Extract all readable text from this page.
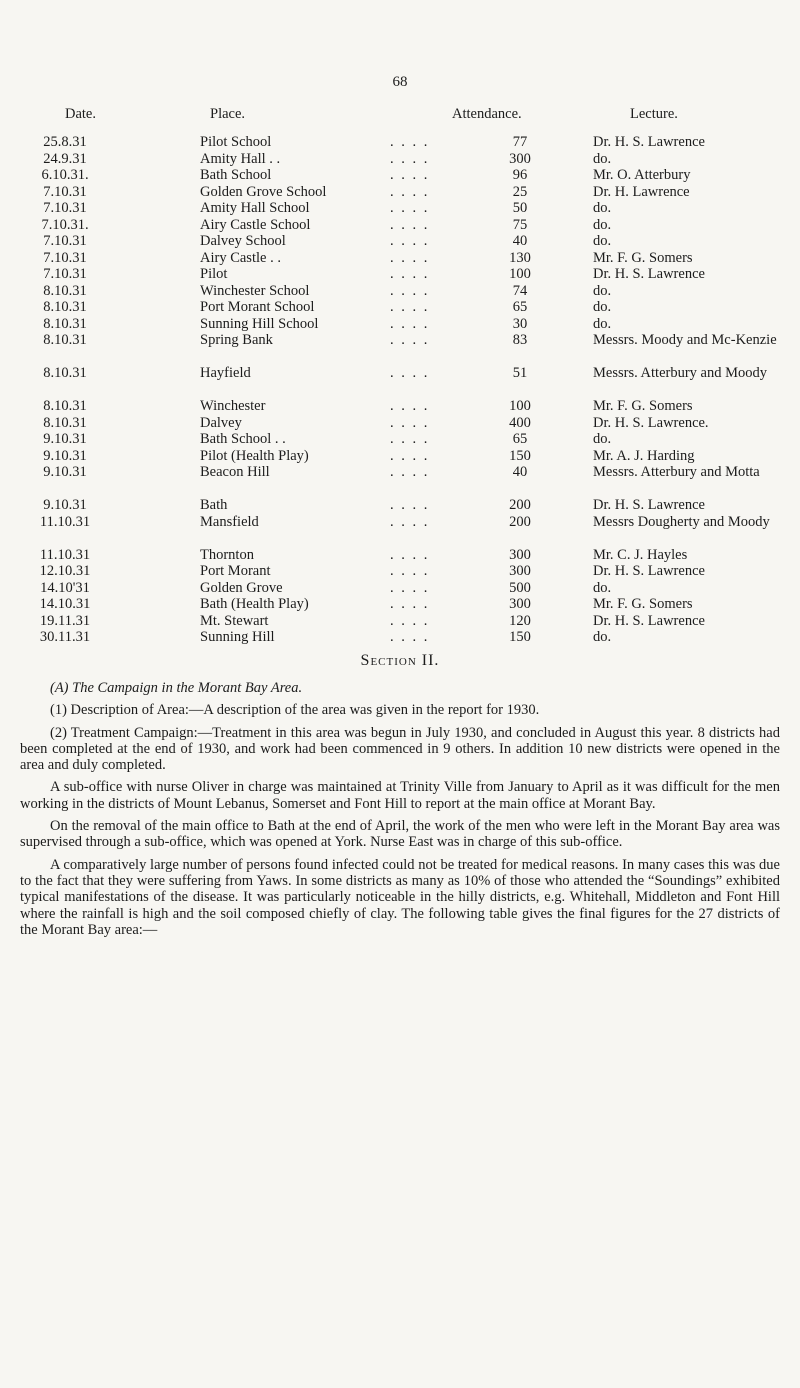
68
Date.	Place.	Attendance.	Lecture.
25.8.31	Pilot School	77	Dr. H. S. Lawrence
. . . .
24.9.31	Amity Hall . .	300	do.
. . . .
6.10.31.	Bath School	96	Mr. O. Atterbury
. . . .
7.10.31	Golden Grove School	25	Dr. H. Lawrence
. . . .
7.10.31	Amity Hall School	50	do.
. . . .
7.10.31.	Airy Castle School	75	do.
. . . .
7.10.31	Dalvey School	40	do.
. . . .
7.10.31	Airy Castle . .	130	Mr. F. G. Somers
. . . .
7.10.31	Pilot	100	Dr. H. S. Lawrence
. . . .
8.10.31	Winchester School	74	do.
. . . .
8.10.31	Port Morant School	65	do.
. . . .
8.10.31	Sunning Hill School	30	do.
. . . .
8.10.31	Spring Bank	83	Messrs. Moody and Mc-Kenzie
. . . .
8.10.31	Hayfield	51	Messrs. Atterbury and Moody
. . . .
8.10.31	Winchester	100	Mr. F. G. Somers
. . . .
8.10.31	Dalvey	400	Dr. H. S. Lawrence.
. . . .
9.10.31	Bath School . .	65	do.
. . . .
9.10.31	Pilot (Health Play)	150	Mr. A. J. Harding
. . . .
9.10.31	Beacon Hill	40	Messrs. Atterbury and Motta
. . . .
9.10.31	Bath	200	Dr. H. S. Lawrence
. . . .
11.10.31	Mansfield	200	Messrs Dougherty and Moody
. . . .
11.10.31	Thornton	300	Mr. C. J. Hayles
. . . .
12.10.31	Port Morant	300	Dr. H. S. Lawrence
. . . .
14.10'31	Golden Grove	500	do.
. . . .
14.10.31	Bath (Health Play)	300	Mr. F. G. Somers
. . . .
19.11.31	Mt. Stewart	120	Dr. H. S. Lawrence
. . . .
30.11.31	Sunning Hill	150	do.
. . . .
Section II.

(A) The Campaign in the Morant Bay Area.

(1) Description of Area:—A description of the area was given in the report for 1930.

(2) Treatment Campaign:—Treatment in this area was begun in July 1930, and concluded in August this year. 8 districts had been completed at the end of 1930, and work had been commenced in 9 others. In addition 10 new districts were opened in the area and duly completed.

A sub-office with nurse Oliver in charge was maintained at Trinity Ville from January to April as it was difficult for the men working in the districts of Mount Lebanus, Somerset and Font Hill to report at the main office at Morant Bay.

On the removal of the main office to Bath at the end of April, the work of the men who were left in the Morant Bay area was supervised through a sub-office, which was opened at York. Nurse East was in charge of this sub-office.

A comparatively large number of persons found infected could not be treated for medical reasons. In many cases this was due to the fact that they were suffering from Yaws. In some districts as many as 10% of those who attended the “Soundings” exhibited typical manifestations of the disease. It was particularly noticeable in the hilly districts, e.g. Whitehall, Middleton and Font Hill where the rainfall is high and the soil composed chiefly of clay. The following table gives the final figures for the 27 districts of the Morant Bay area:—
